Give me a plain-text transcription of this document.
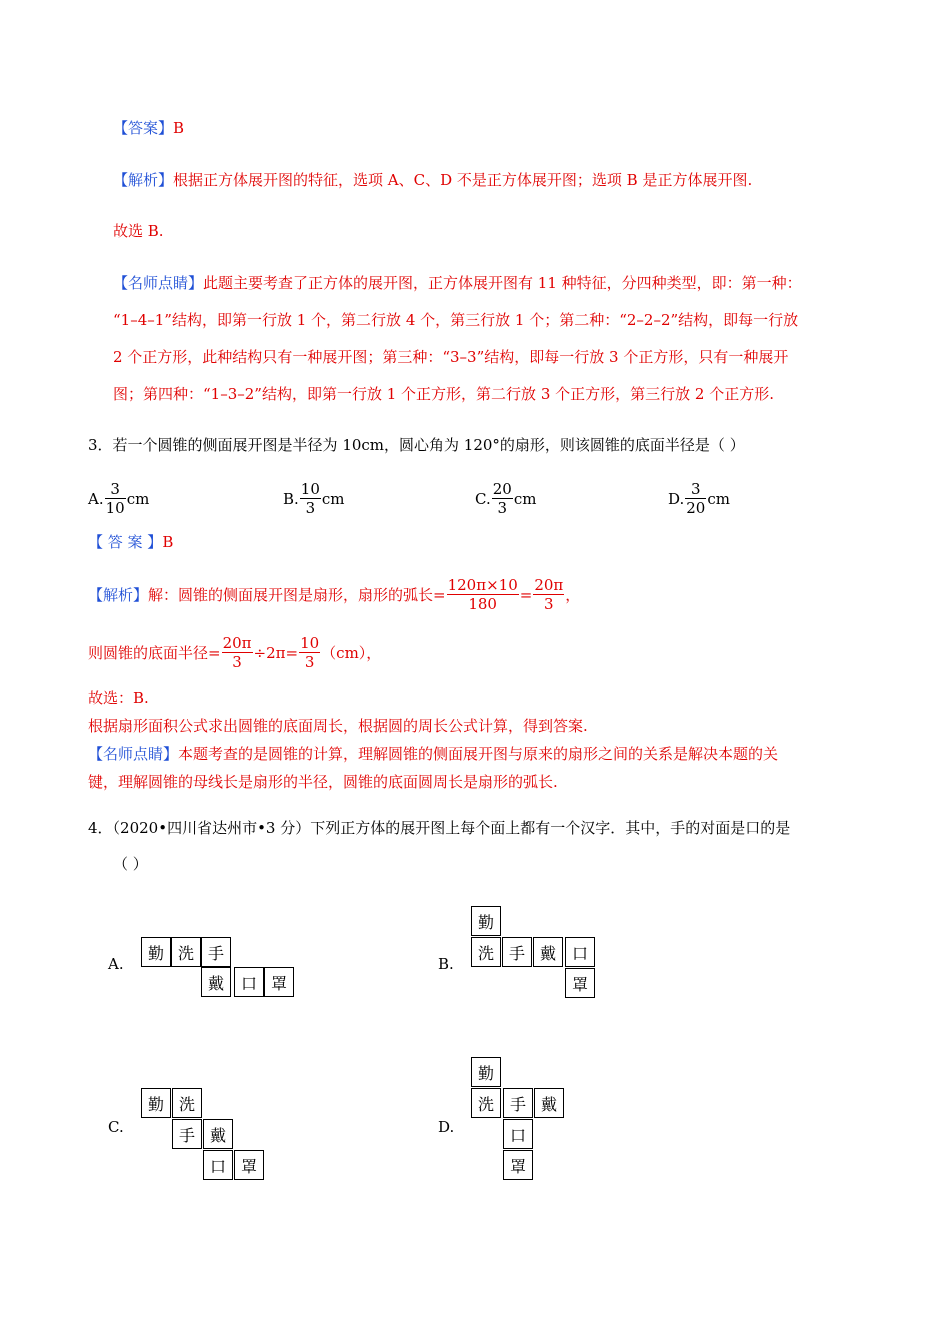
【答案】B
【解析】根据正方体展开图的特征，选项 A、C、D 不是正方体展开图；选项 B 是正方体展开图.
故选 B.
【名师点睛】此题主要考查了正方体的展开图，正方体展开图有 11 种特征，分四种类型，即：第一种：
“1–4–1”结构，即第一行放 1 个，第二行放 4 个，第三行放 1 个；第二种：“2–2–2”结构，即每一行放
2 个正方形，此种结构只有一种展开图；第三种：“3–3”结构，即每一行放 3 个正方形，只有一种展开
图；第四种：“1–3–2”结构，即第一行放 1 个正方形，第二行放 3 个正方形，第三行放 2 个正方形.
3．若一个圆锥的侧面展开图是半径为 10cm，圆心角为 120°的扇形，则该圆锥的底面半径是（ ）
A. $\frac{3}{10}$ cm	B. $\frac{10}{3}$ cm	C. $\frac{20}{3}$ cm	D. $\frac{3}{20}$ cm
【 答 案 】B
【解析】 解：圆锥的侧面展开图是扇形，扇形的弧长= $\frac{120\pi\times 10}{180} = \frac{20\pi}{3}$ ，
则圆锥的底面半径= $\frac{20\pi}{3} \div 2\pi= \frac{10}{3} (cm)$，
故选：B.
根据扇形面积公式求出圆锥的底面周长，根据圆的周长公式计算，得到答案.
【名师点睛】本题考查的是圆锥的计算，理解圆锥的侧面展开图与原来的扇形之间的关系是解决本题的关
键，理解圆锥的母线长是扇形的半径，圆锥的底面圆周长是扇形的弧长.
4．（2020•四川省达州市•3 分）下列正方体的展开图上每个面上都有一个汉字．其中，手的对面是口的是
（ ）
A.
勤 洗 手
戴	口 罩
B.
勤
洗 手 戴 口
罩
C.
勤 洗
手 戴
口 罩
D.
勤
洗 手 戴
口
罩
